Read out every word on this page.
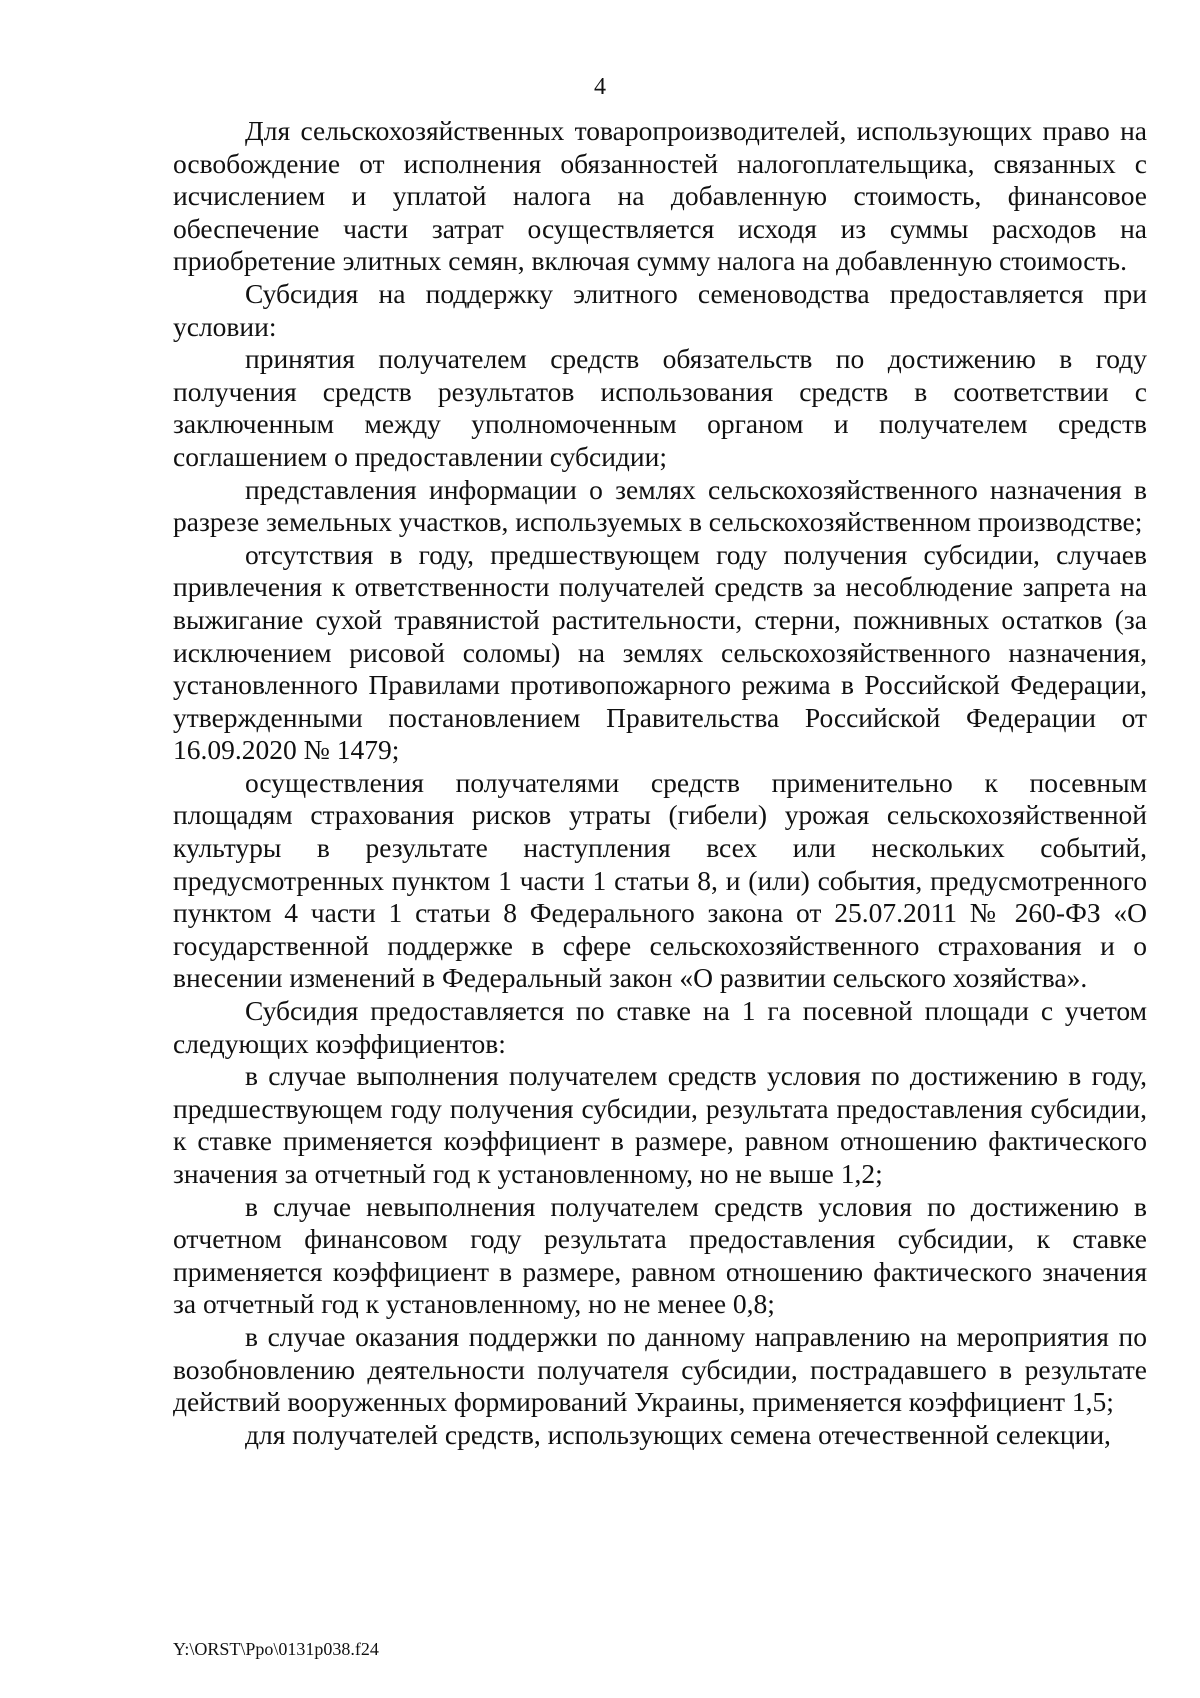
4

Для сельскохозяйственных товаропроизводителей, использующих право на освобождение от исполнения обязанностей налогоплательщика, связанных с исчислением и уплатой налога на добавленную стоимость, финансовое обеспечение части затрат осуществляется исходя из суммы расходов на приобретение элитных семян, включая сумму налога на добавленную стоимость.

Субсидия на поддержку элитного семеноводства предоставляется при условии:

принятия получателем средств обязательств по достижению в году получения средств результатов использования средств в соответствии с заключенным между уполномоченным органом и получателем средств соглашением о предоставлении субсидии;

представления информации о землях сельскохозяйственного назначения в разрезе земельных участков, используемых в сельскохозяйственном производстве;

отсутствия в году, предшествующем году получения субсидии, случаев привлечения к ответственности получателей средств за несоблюдение запрета на выжигание сухой травянистой растительности, стерни, пожнивных остатков (за исключением рисовой соломы) на землях сельскохозяйственного назначения, установленного Правилами противопожарного режима в Российской Федерации, утвержденными постановлением Правительства Российской Федерации от 16.09.2020 № 1479;

осуществления получателями средств применительно к посевным площадям страхования рисков утраты (гибели) урожая сельскохозяйственной культуры в результате наступления всех или нескольких событий, предусмотренных пунктом 1 части 1 статьи 8, и (или) события, предусмотренного пунктом 4 части 1 статьи 8 Федерального закона от 25.07.2011 № 260-ФЗ «О государственной поддержке в сфере сельскохозяйственного страхования и о внесении изменений в Федеральный закон «О развитии сельского хозяйства».

Субсидия предоставляется по ставке на 1 га посевной площади с учетом следующих коэффициентов:

в случае выполнения получателем средств условия по достижению в году, предшествующем году получения субсидии, результата предоставления субсидии, к ставке применяется коэффициент в размере, равном отношению фактического значения за отчетный год к установленному, но не выше 1,2;

в случае невыполнения получателем средств условия по достижению в отчетном финансовом году результата предоставления субсидии, к ставке применяется коэффициент в размере, равном отношению фактического значения за отчетный год к установленному, но не менее 0,8;

в случае оказания поддержки по данному направлению на мероприятия по возобновлению деятельности получателя субсидии, пострадавшего в результате действий вооруженных формирований Украины, применяется коэффициент 1,5;

для получателей средств, использующих семена отечественной селекции,

Y:\ORST\Ppo\0131p038.f24
